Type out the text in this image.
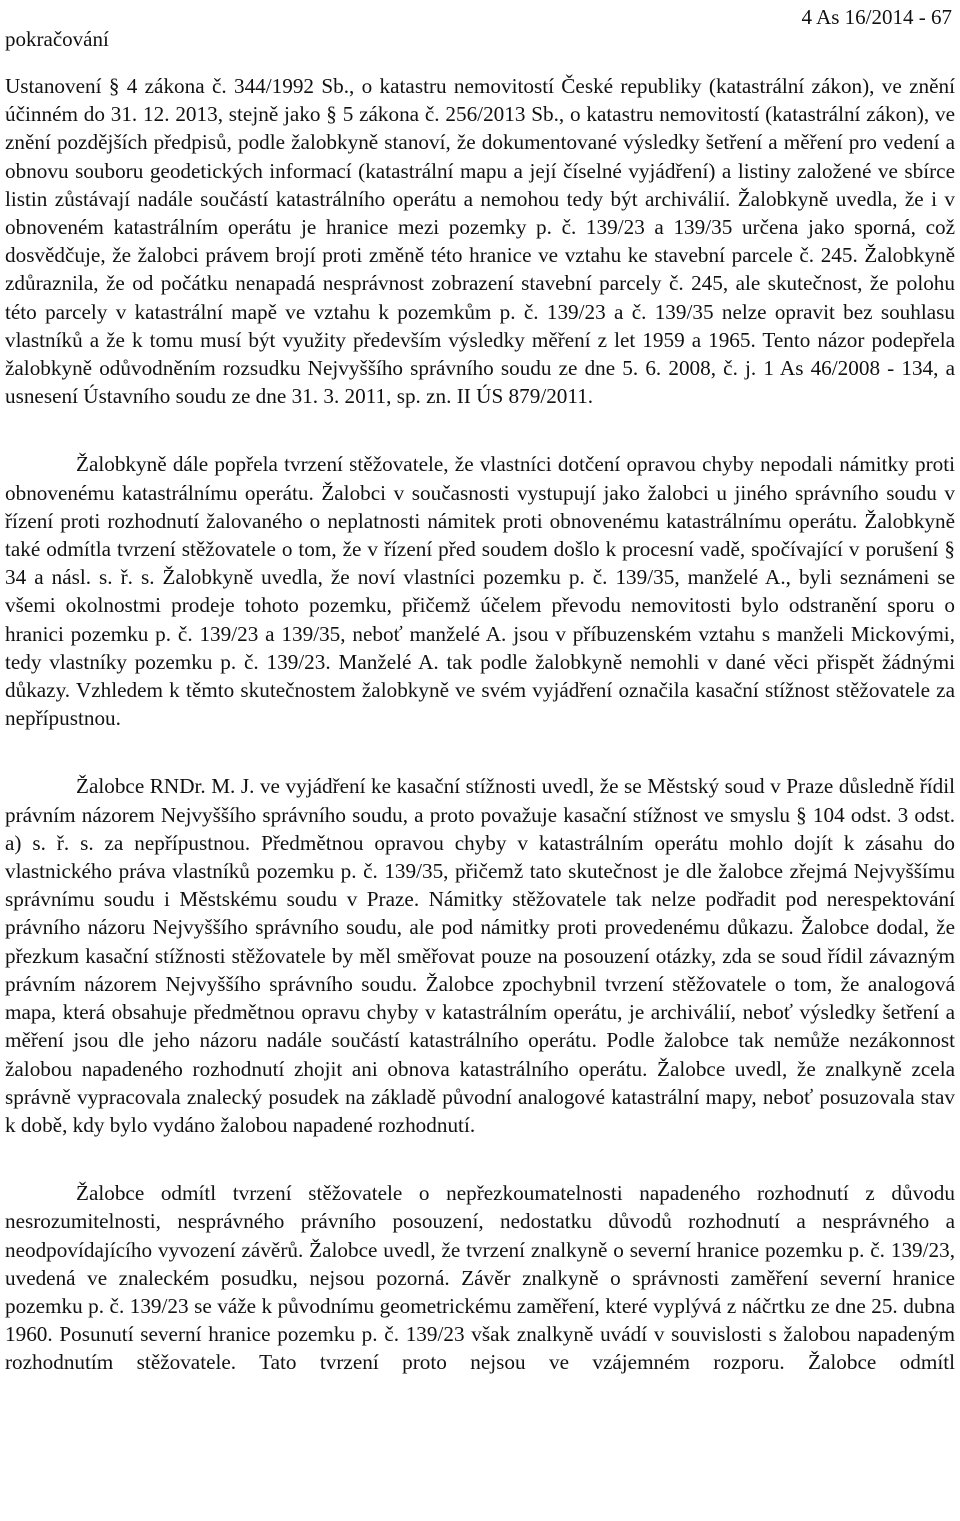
pokračování
4 As 16/2014 - 67

Ustanovení § 4 zákona č. 344/1992 Sb., o katastru nemovitostí České republiky (katastrální zákon), ve znění účinném do 31. 12. 2013, stejně jako § 5 zákona č. 256/2013 Sb., o katastru nemovitostí (katastrální zákon), ve znění pozdějších předpisů, podle žalobkyně stanoví, že dokumentované výsledky šetření a měření pro vedení a obnovu souboru geodetických informací (katastrální mapu a její číselné vyjádření) a listiny založené ve sbírce listin zůstávají nadále součástí katastrálního operátu a nemohou tedy být archiválií. Žalobkyně uvedla, že i v obnoveném katastrálním operátu je hranice mezi pozemky p. č. 139/23 a 139/35 určena jako sporná, což dosvědčuje, že žalobci právem brojí proti změně této hranice ve vztahu ke stavební parcele č. 245. Žalobkyně zdůraznila, že od počátku nenapadá nesprávnost zobrazení stavební parcely č. 245, ale skutečnost, že polohu této parcely v katastrální mapě ve vztahu k pozemkům p. č. 139/23 a č. 139/35 nelze opravit bez souhlasu vlastníků a že k tomu musí být využity především výsledky měření z let 1959 a 1965. Tento názor podepřela žalobkyně odůvodněním rozsudku Nejvyššího správního soudu ze dne 5. 6. 2008, č. j. 1 As 46/2008 - 134, a usnesení Ústavního soudu ze dne 31. 3. 2011, sp. zn. II ÚS 879/2011.

Žalobkyně dále popřela tvrzení stěžovatele, že vlastníci dotčení opravou chyby nepodali námitky proti obnovenému katastrálnímu operátu. Žalobci v současnosti vystupují jako žalobci u jiného správního soudu v řízení proti rozhodnutí žalovaného o neplatnosti námitek proti obnovenému katastrálnímu operátu. Žalobkyně také odmítla tvrzení stěžovatele o tom, že v řízení před soudem došlo k procesní vadě, spočívající v porušení § 34 a násl. s. ř. s. Žalobkyně uvedla, že noví vlastníci pozemku p. č. 139/35, manželé A., byli seznámeni se všemi okolnostmi prodeje tohoto pozemku, přičemž účelem převodu nemovitosti bylo odstranění sporu o hranici pozemku p. č. 139/23 a 139/35, neboť manželé A. jsou v příbuzenském vztahu s manželi Mickovými, tedy vlastníky pozemku p. č. 139/23. Manželé A. tak podle žalobkyně nemohli v dané věci přispět žádnými důkazy. Vzhledem k těmto skutečnostem žalobkyně ve svém vyjádření označila kasační stížnost stěžovatele za nepřípustnou.

Žalobce RNDr. M. J. ve vyjádření ke kasační stížnosti uvedl, že se Městský soud v Praze důsledně řídil právním názorem Nejvyššího správního soudu, a proto považuje kasační stížnost ve smyslu § 104 odst. 3 odst. a) s. ř. s. za nepřípustnou. Předmětnou opravou chyby v katastrálním operátu mohlo dojít k zásahu do vlastnického práva vlastníků pozemku p. č. 139/35, přičemž tato skutečnost je dle žalobce zřejmá Nejvyššímu správnímu soudu i Městskému soudu v Praze. Námitky stěžovatele tak nelze podřadit pod nerespektování právního názoru Nejvyššího správního soudu, ale pod námitky proti provedenému důkazu. Žalobce dodal, že přezkum kasační stížnosti stěžovatele by měl směřovat pouze na posouzení otázky, zda se soud řídil závazným právním názorem Nejvyššího správního soudu. Žalobce zpochybnil tvrzení stěžovatele o tom, že analogová mapa, která obsahuje předmětnou opravu chyby v katastrálním operátu, je archiválií, neboť výsledky šetření a měření jsou dle jeho názoru nadále součástí katastrálního operátu. Podle žalobce tak nemůže nezákonnost žalobou napadeného rozhodnutí zhojit ani obnova katastrálního operátu. Žalobce uvedl, že znalkyně zcela správně vypracovala znalecký posudek na základě původní analogové katastrální mapy, neboť posuzovala stav k době, kdy bylo vydáno žalobou napadené rozhodnutí.

Žalobce odmítl tvrzení stěžovatele o nepřezkoumatelnosti napadeného rozhodnutí z důvodu nesrozumitelnosti, nesprávného právního posouzení, nedostatku důvodů rozhodnutí a nesprávného a neodpovídajícího vyvození závěrů. Žalobce uvedl, že tvrzení znalkyně o severní hranice pozemku p. č. 139/23, uvedená ve znaleckém posudku, nejsou pozorná. Závěr znalkyně o správnosti zaměření severní hranice pozemku p. č. 139/23 se váže k původnímu geometrickému zaměření, které vyplývá z náčrtku ze dne 25. dubna 1960. Posunutí severní hranice pozemku p. č. 139/23 však znalkyně uvádí v souvislosti s žalobou napadeným rozhodnutím stěžovatele. Tato tvrzení proto nejsou ve vzájemném rozporu. Žalobce odmítl
